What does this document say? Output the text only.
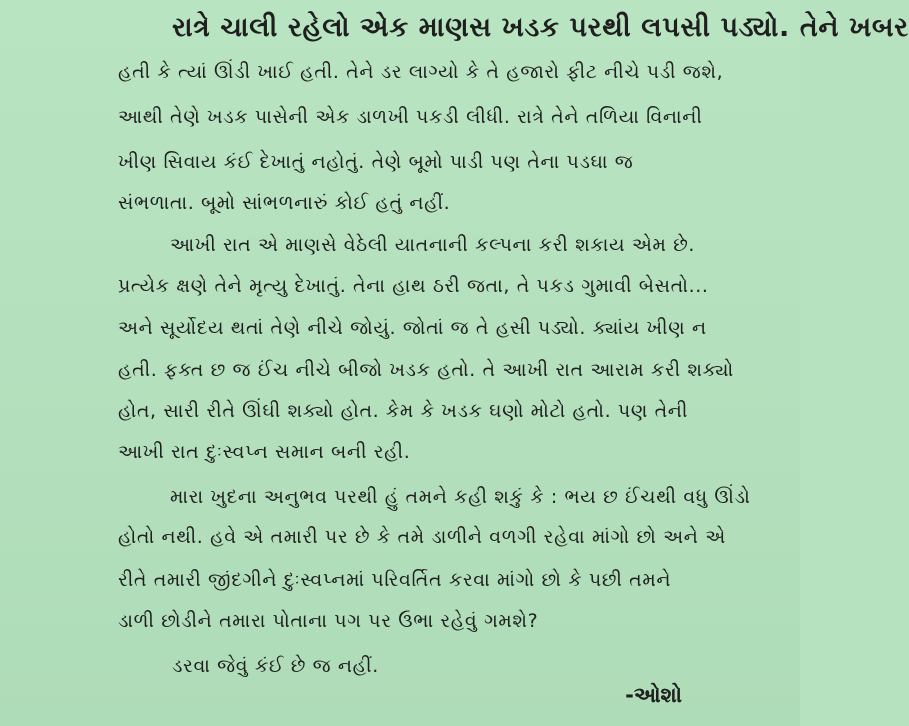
રાત્રે ચાલી રહેલો એક માણસ ખડક પરથી લપસી પડ્યો. તેને ખબર
હતી કે ત્યાં ઊંડી ખાઈ હતી. તેને ડર લાગ્યો કે તે હજારો ફીટ નીચે પડી જશે,
આથી તેણે ખડક પાસેની એક ડાળખી પકડી લીધી. રાત્રે તેને તળિયા વિનાની
ખીણ સિવાય કંઈ દેખાતું નહોતું. તેણે બૂમો પાડી પણ તેના પડઘા જ
સંભળાતા. બૂમો સાંભળનારું કોઈ હતું નહીં.
આખી રાત એ માણસે વેઠેલી યાતનાની કલ્પના કરી શકાય એમ છે.
પ્રત્યેક ક્ષણે તેને મૃત્યુ દેખાતું. તેના હાથ ઠરી જતા, તે પકડ ગુમાવી બેસતો...
અને સૂર્યોદય થતાં તેણે નીચે જોયું. જોતાં જ તે હસી પડ્યો. ક્યાંય ખીણ ન
હતી. ફક્ત છ જ ઈંચ નીચે બીજો ખડક હતો. તે આખી રાત આરામ કરી શક્યો
હોત, સારી રીતે ઊંઘી શક્યો હોત. કેમ કે ખડક ઘણો મોટો હતો. પણ તેની
આખી રાત દુઃસ્વપ્ન સમાન બની રહી.
મારા ખુદના અનુભવ પરથી હું તમને કહી શકું કે : ભય છ ઈંચથી વધુ ઊંડો
હોતો નથી. હવે એ તમારી પર છે કે તમે ડાળીને વળગી રહેવા માંગો છો અને એ
રીતે તમારી જીંદગીને દુઃસ્વપ્નમાં પરિવર્તિત કરવા માંગો છો કે પછી તમને
ડાળી છોડીને તમારા પોતાના પગ પર ઉભા રહેવું ગમશે?
ડરવા જેવું કંઈ છે જ નહીં.
-ઓશો
